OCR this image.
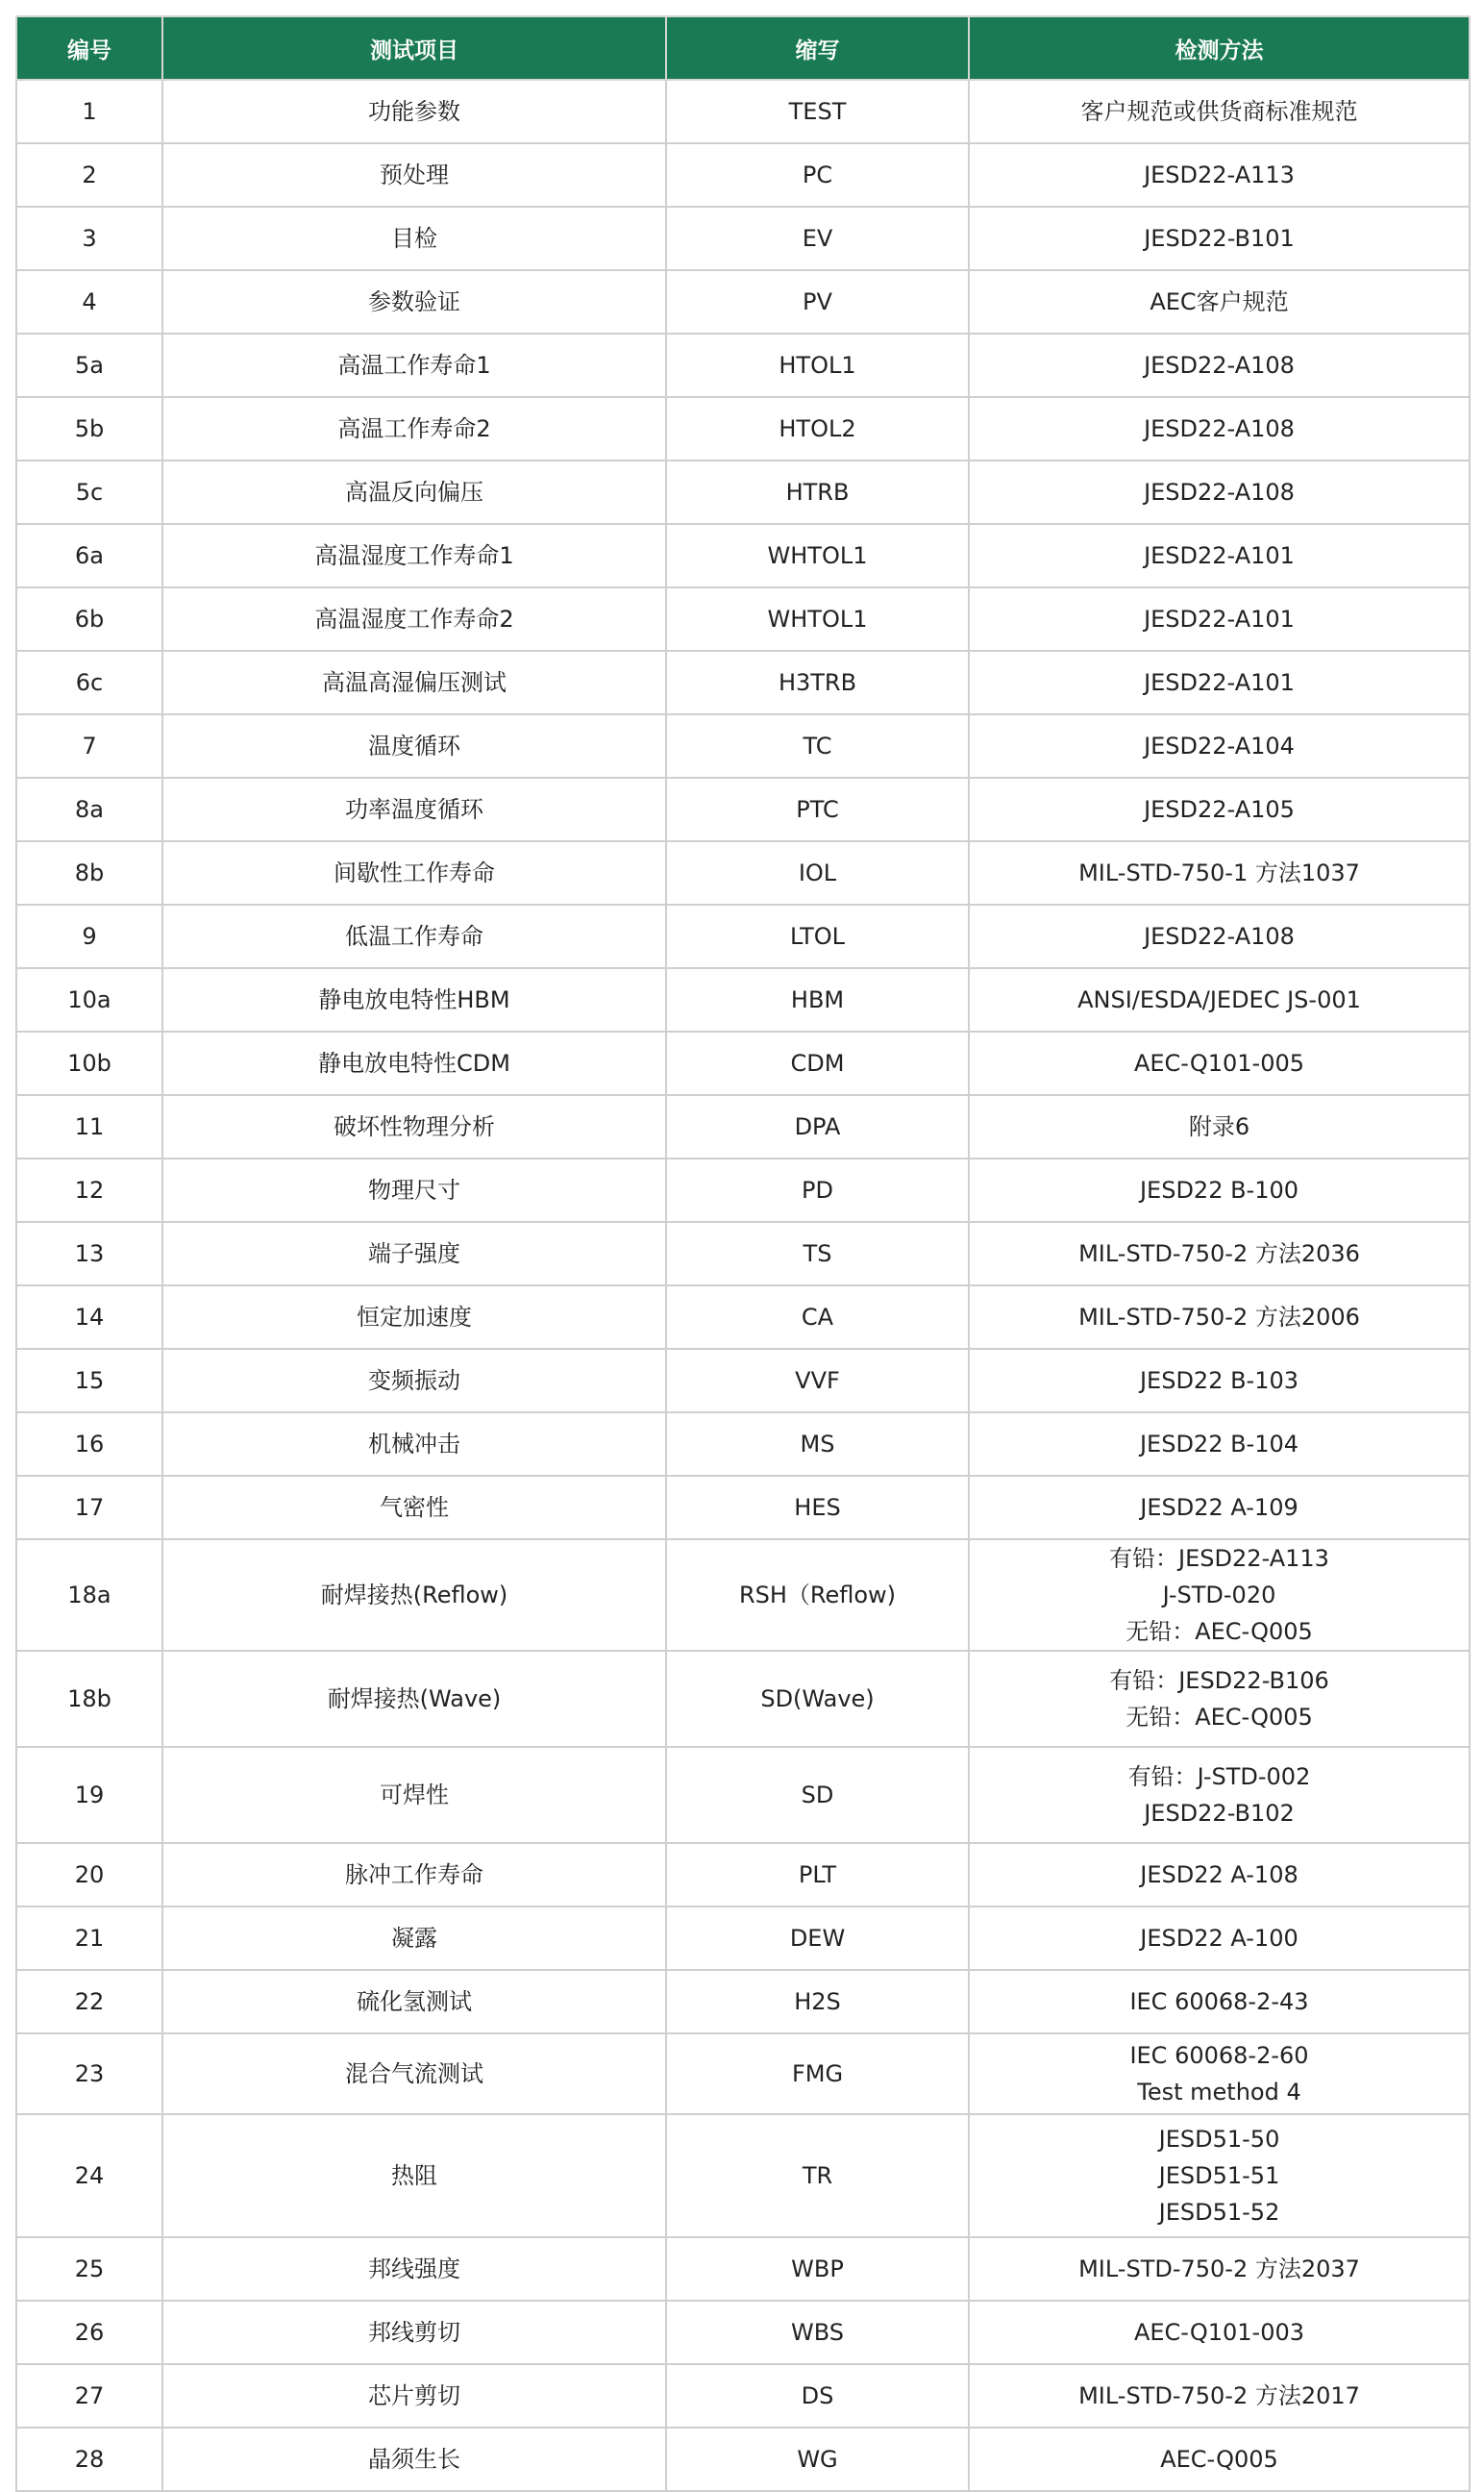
编号	测试项目	缩写	检测方法
1	功能参数	TEST	客户规范或供货商标准规范

2	预处理	PC	JESD22-A113

3	目检	EV	JESD22-B101

4	参数验证	PV	AEC客户规范

5a	高温工作寿命1	HTOL1	JESD22-A108

5b	高温工作寿命2	HTOL2	JESD22-A108

5c	高温反向偏压	HTRB	JESD22-A108

6a	高温湿度工作寿命1	WHTOL1	JESD22-A101

6b	高温湿度工作寿命2	WHTOL1	JESD22-A101

6c	高温高湿偏压测试	H3TRB	JESD22-A101

7	温度循环	TC	JESD22-A104

8a	功率温度循环	PTC	JESD22-A105

8b	间歇性工作寿命	IOL	MIL-STD-750-1 方法1037

9	低温工作寿命	LTOL	JESD22-A108

10a	静电放电特性HBM	HBM	ANSI/ESDA/JEDEC JS-001

10b	静电放电特性CDM	CDM	AEC-Q101-005

11	破坏性物理分析	DPA	附录6

12	物理尺寸	PD	JESD22 B-100

13	端子强度	TS	MIL-STD-750-2 方法2036

14	恒定加速度	CA	MIL-STD-750-2 方法2006

15	变频振动	VVF	JESD22 B-103

16	机械冲击	MS	JESD22 B-104

17	气密性	HES	JESD22 A-109

18a	耐焊接热(Reflow)	RSH（Reflow)	有铅：JESD22-A113
J-STD-020
无铅：AEC-Q005

18b	耐焊接热(Wave)	SD(Wave)	有铅：JESD22-B106
无铅：AEC-Q005

19	可焊性	SD	有铅：J-STD-002
JESD22-B102

20	脉冲工作寿命	PLT	JESD22 A-108

21	凝露	DEW	JESD22 A-100

22	硫化氢测试	H2S	IEC 60068-2-43

23	混合气流测试	FMG	IEC 60068-2-60
Test method 4

24	热阻	TR	JESD51-50
JESD51-51
JESD51-52

25	邦线强度	WBP	MIL-STD-750-2 方法2037

26	邦线剪切	WBS	AEC-Q101-003

27	芯片剪切	DS	MIL-STD-750-2 方法2017

28	晶须生长	WG	AEC-Q005
